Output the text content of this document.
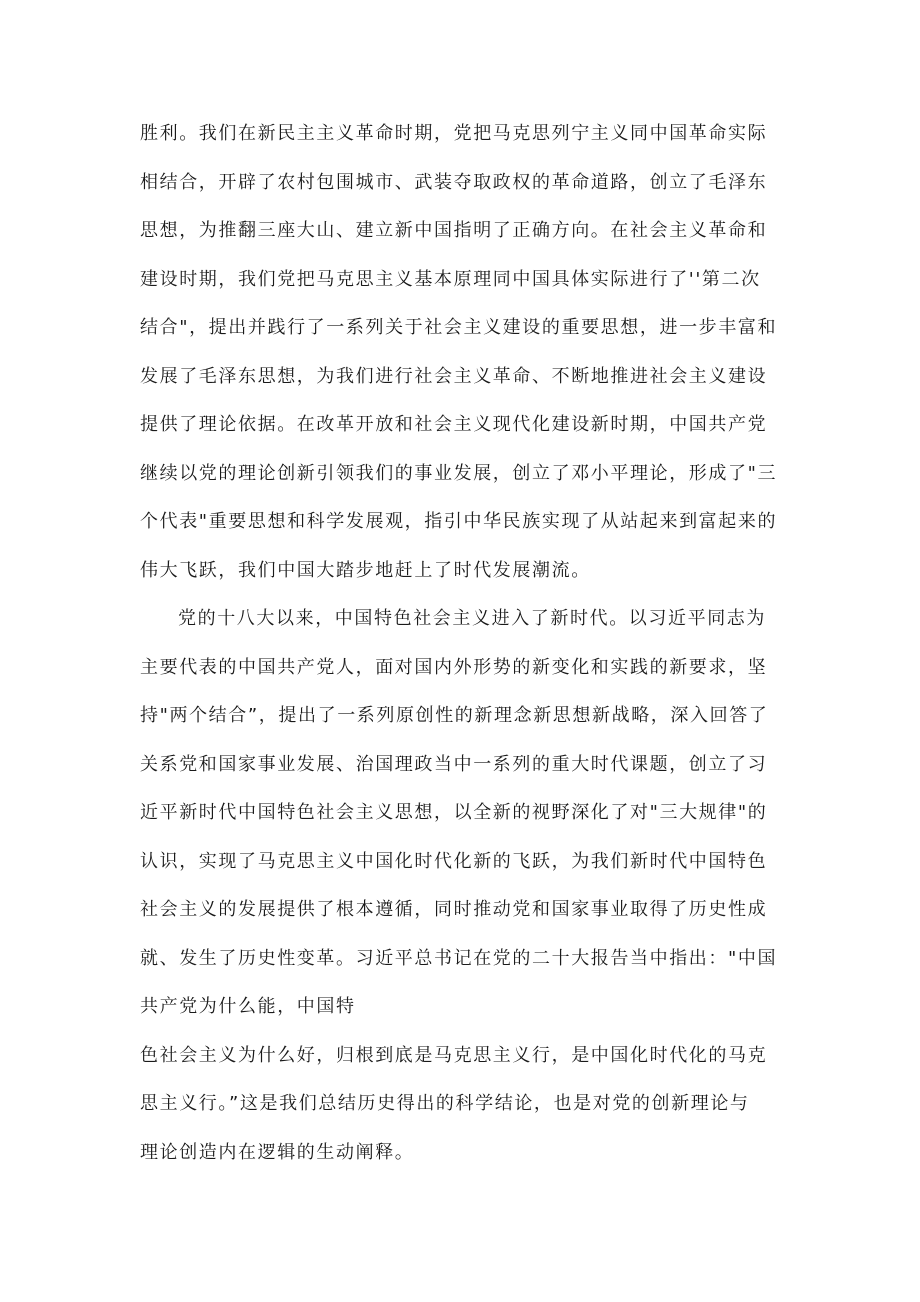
胜利。我们在新民主主义革命时期，党把马克思列宁主义同中国革命实际
相结合，开辟了农村包围城市、武装夺取政权的革命道路，创立了毛泽东
思想，为推翻三座大山、建立新中国指明了正确方向。在社会主义革命和
建设时期，我们党把马克思主义基本原理同中国具体实际进行了''第二次
结合"，提出并践行了一系列关于社会主义建设的重要思想，进一步丰富和
发展了毛泽东思想，为我们进行社会主义革命、不断地推进社会主义建设
提供了理论依据。在改革开放和社会主义现代化建设新时期，中国共产党
继续以党的理论创新引领我们的事业发展，创立了邓小平理论，形成了"三
个代表"重要思想和科学发展观，指引中华民族实现了从站起来到富起来的
伟大飞跃，我们中国大踏步地赶上了时代发展潮流。
党的十八大以来，中国特色社会主义进入了新时代。以习近平同志为
主要代表的中国共产党人，面对国内外形势的新变化和实践的新要求，坚
持"两个结合”，提出了一系列原创性的新理念新思想新战略，深入回答了
关系党和国家事业发展、治国理政当中一系列的重大时代课题，创立了习
近平新时代中国特色社会主义思想，以全新的视野深化了对"三大规律"的
认识，实现了马克思主义中国化时代化新的飞跃，为我们新时代中国特色
社会主义的发展提供了根本遵循，同时推动党和国家事业取得了历史性成
就、发生了历史性变革。习近平总书记在党的二十大报告当中指出："中国
共产党为什么能，中国特
色社会主义为什么好，归根到底是马克思主义行，是中国化时代化的马克
思主义行。”这是我们总结历史得出的科学结论，也是对党的创新理论与
理论创造内在逻辑的生动阐释。
